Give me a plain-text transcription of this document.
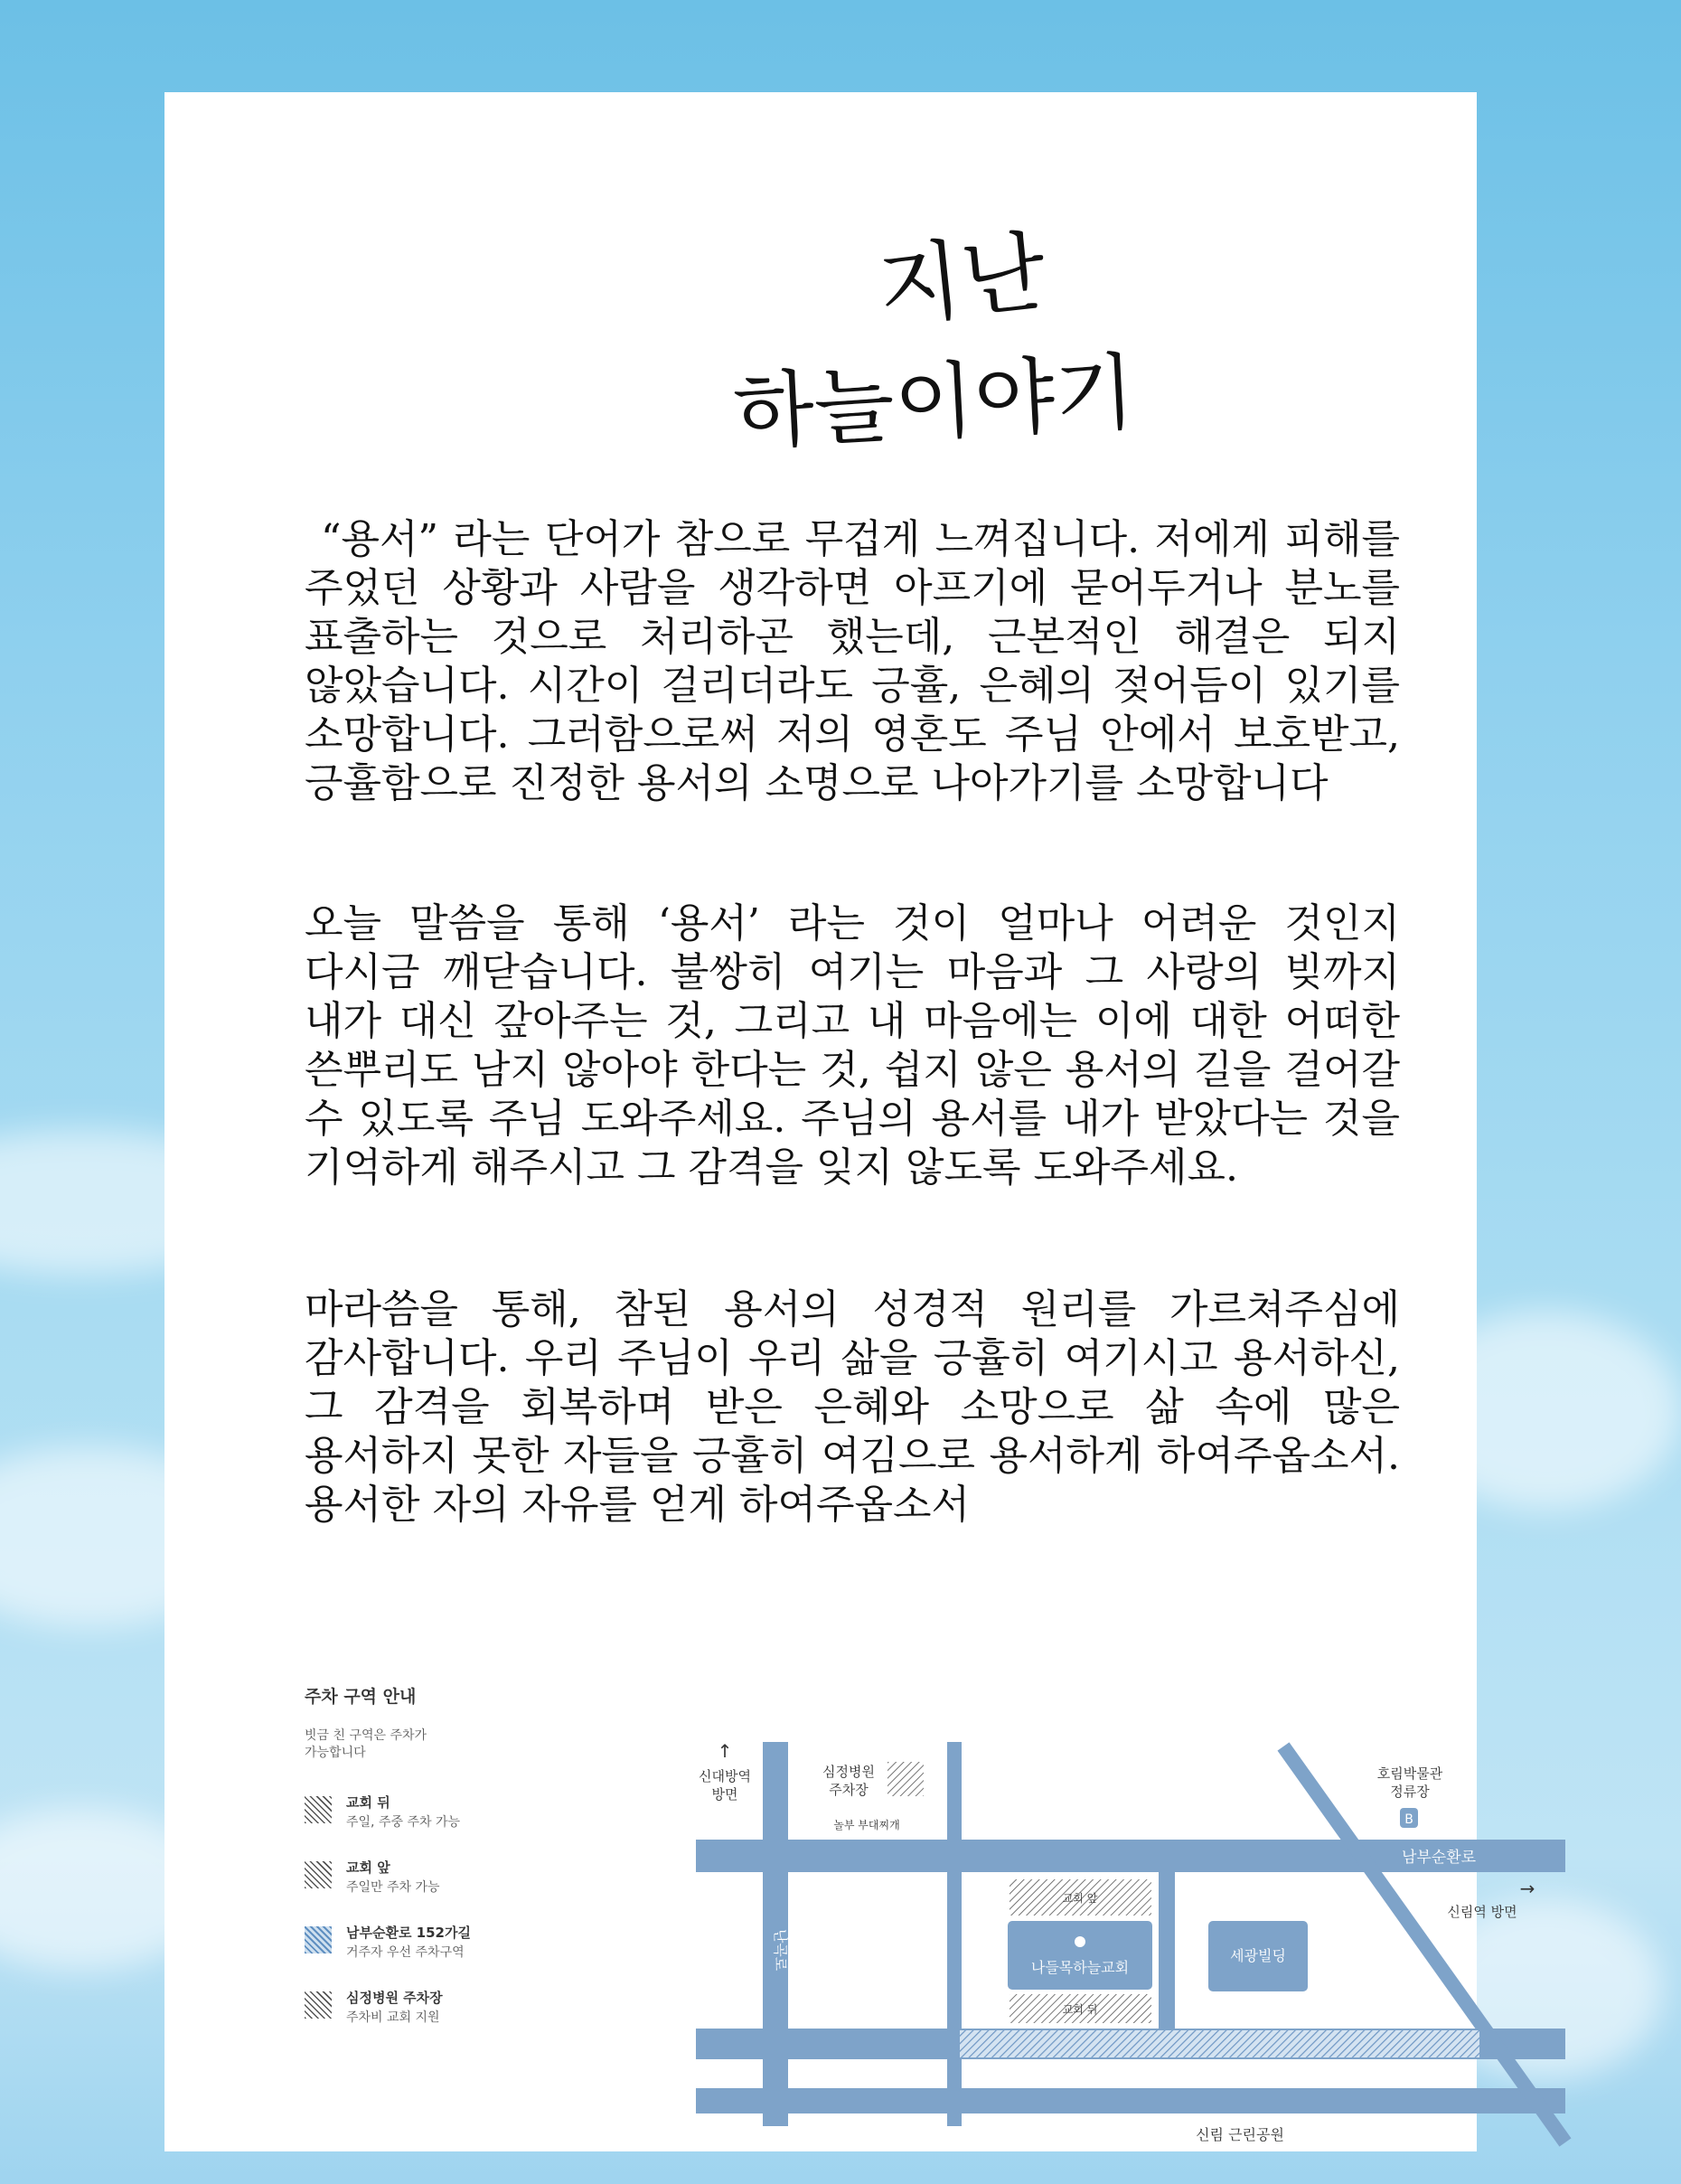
지난
하늘이야기

“용서” 라는 단어가 참으로 무겁게 느껴집니다. 저에게 피해를 주었던 상황과 사람을 생각하면 아프기에 묻어두거나 분노를 표출하는 것으로 처리하곤 했는데, 근본적인 해결은 되지 않았습니다. 시간이 걸리더라도 긍휼, 은혜의 젖어듬이 있기를 소망합니다. 그러함으로써 저의 영혼도 주님 안에서 보호받고, 긍휼함으로 진정한 용서의 소명으로 나아가기를 소망합니다

오늘 말씀을 통해 ‘용서’ 라는 것이 얼마나 어려운 것인지 다시금 깨닫습니다. 불쌍히 여기는 마음과 그 사랑의 빚까지 내가 대신 갚아주는 것, 그리고 내 마음에는 이에 대한 어떠한 쓴뿌리도 남지 않아야 한다는 것, 쉽지 않은 용서의 길을 걸어갈 수 있도록 주님 도와주세요. 주님의 용서를 내가 받았다는 것을 기억하게 해주시고 그 감격을 잊지 않도록 도와주세요.

마라씀을 통해, 참된 용서의 성경적 원리를 가르쳐주심에 감사합니다. 우리 주님이 우리 삶을 긍휼히 여기시고 용서하신, 그 감격을 회복하며 받은 은혜와 소망으로 삶 속에 많은 용서하지 못한 자들을 긍휼히 여김으로 용서하게 하여주옵소서. 용서한 자의 자유를 얻게 하여주옵소서

주차 구역 안내
빗금 친 구역은 주차가 가능합니다
교회 뒤
주일, 주중 주차 가능
교회 앞
주일만 주차 가능
남부순환로 152가길
거주자 우선 주차구역
심정병원 주차장
주차비 교회 지원
↑
신대방역
방면
심정병원
주차장
놀부 부대찌개
호림박물관
정류장
B
남부순환로
→
신림역 방면
난곡로
교회 앞
나들목하늘교회
교회 뒤
세광빌딩
신림 근린공원
